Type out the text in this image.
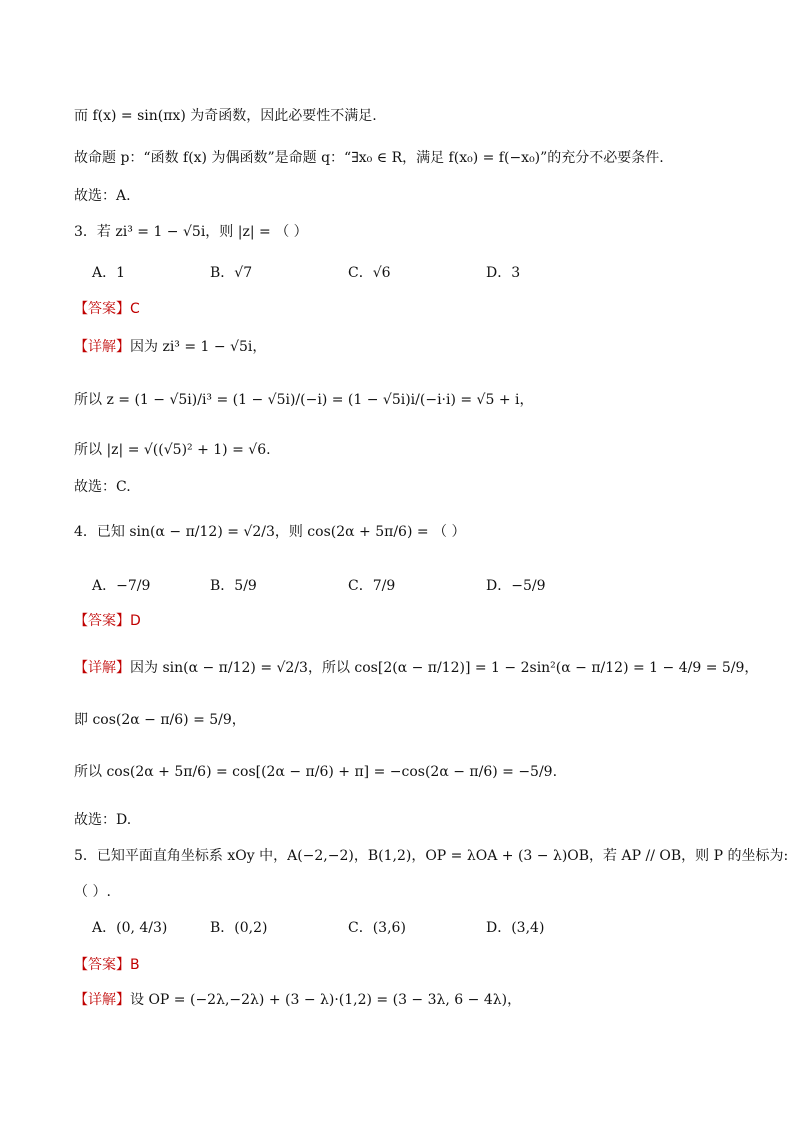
而 f(x) = sin(πx) 为奇函数，因此必要性不满足.
故命题 p：“函数 f(x) 为偶函数”是命题 q：“∃x₀ ∈ R，满足 f(x₀) = f(−x₀)”的充分不必要条件.
故选：A.
3．若 zi³ = 1 − √5i，则 |z| = （ ）
A．1	B．√7	C．√6	D．3
【答案】C
【详解】因为 zi³ = 1 − √5i，
所以 z = (1 − √5i)/i³ = (1 − √5i)/(−i) = (1 − √5i)i/(−i·i) = √5 + i，
所以 |z| = √((√5)² + 1) = √6.
故选：C.
4．已知 sin(α − π/12) = √2/3，则 cos(2α + 5π/6) = （ ）
A．−7/9	B．5/9	C．7/9	D．−5/9
【答案】D
【详解】因为 sin(α − π/12) = √2/3，所以 cos[2(α − π/12)] = 1 − 2sin²(α − π/12) = 1 − 4/9 = 5/9，
即 cos(2α − π/6) = 5/9，
所以 cos(2α + 5π/6) = cos[(2α − π/6) + π] = −cos(2α − π/6) = −5/9.
故选：D.
5．已知平面直角坐标系 xOy 中，A(−2,−2)，B(1,2)，OP = λOA + (3 − λ)OB，若 AP // OB，则 P 的坐标为:
（ ）.
A．(0, 4/3)	B．(0,2)	C．(3,6)	D．(3,4)
【答案】B
【详解】设 OP = (−2λ,−2λ) + (3 − λ)·(1,2) = (3 − 3λ, 6 − 4λ)，
